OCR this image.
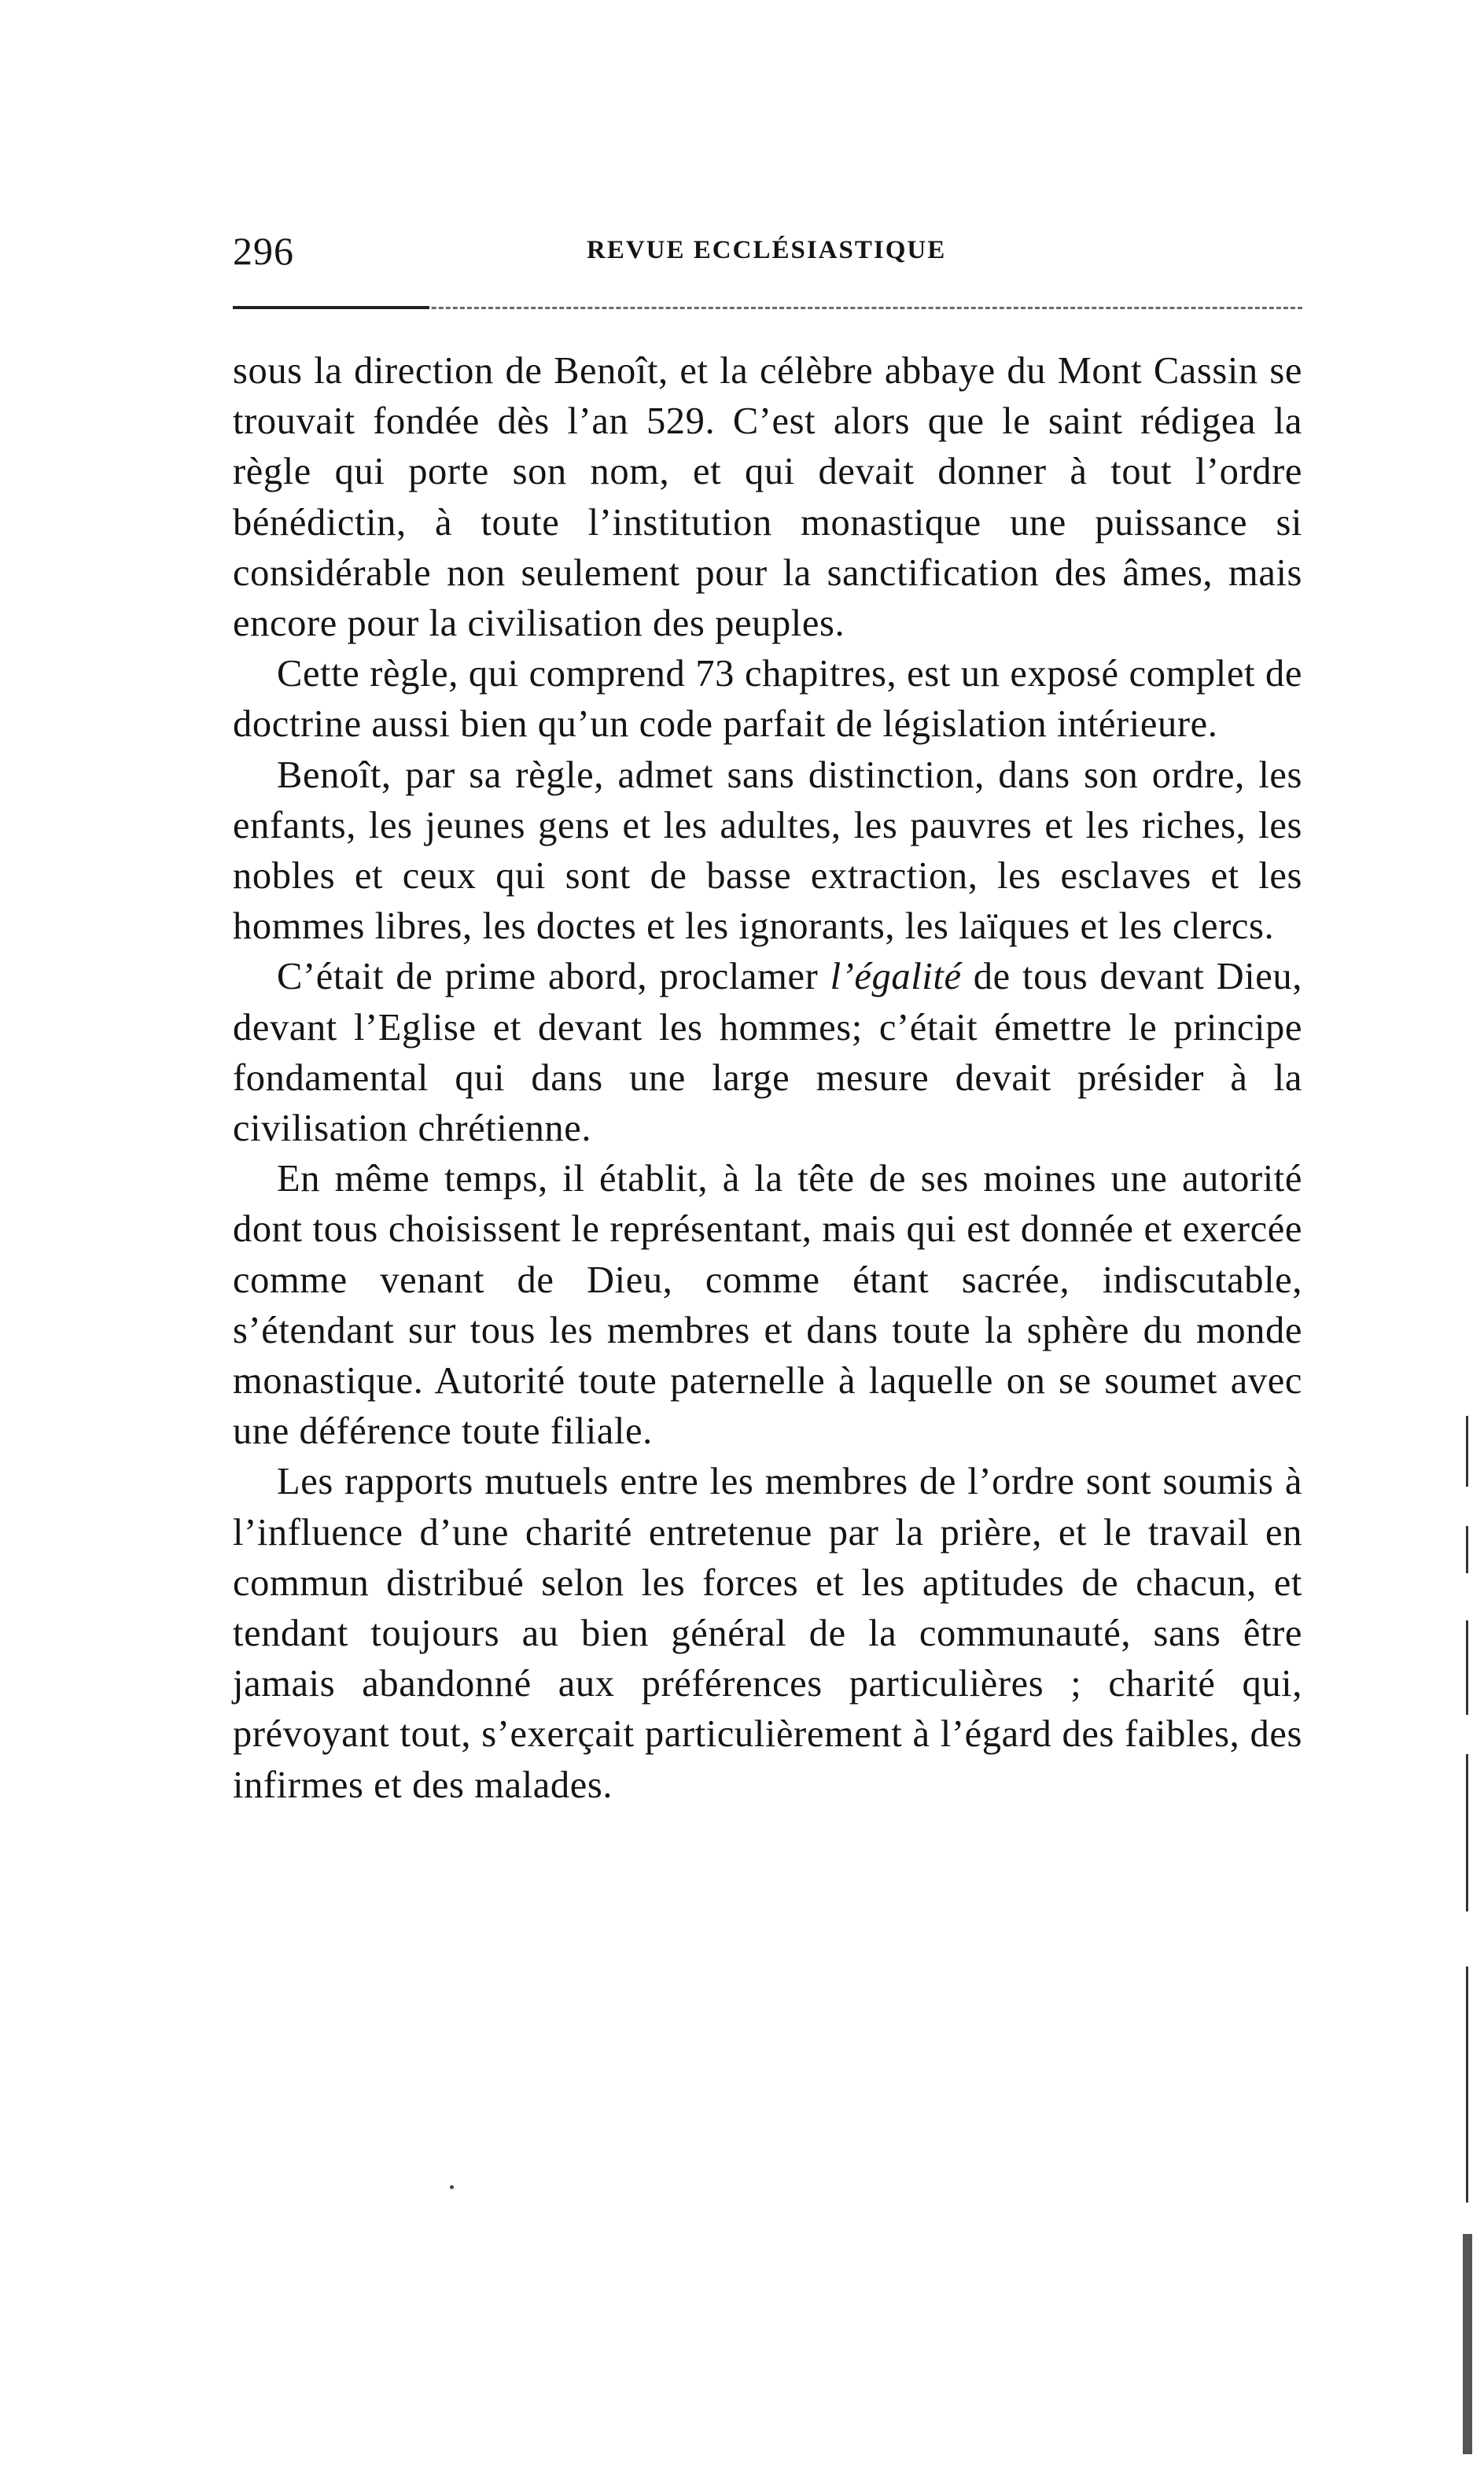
296	REVUE ECCLÉSIASTIQUE

sous la direction de Benoît, et la célèbre abbaye du Mont Cassin se trouvait fondée dès l’an 529. C’est alors que le saint rédigea la règle qui porte son nom, et qui devait donner à tout l’ordre bénédictin, à toute l’institution monastique une puissance si considérable non seulement pour la sanctification des âmes, mais encore pour la civilisation des peuples.

Cette règle, qui comprend 73 chapitres, est un exposé complet de doctrine aussi bien qu’un code parfait de législation intérieure.

Benoît, par sa règle, admet sans distinction, dans son ordre, les enfants, les jeunes gens et les adultes, les pauvres et les riches, les nobles et ceux qui sont de basse extraction, les esclaves et les hommes libres, les doctes et les ignorants, les laïques et les clercs.

C’était de prime abord, proclamer l’égalité de tous devant Dieu, devant l’Eglise et devant les hommes; c’était émettre le principe fondamental qui dans une large mesure devait présider à la civilisation chrétienne.

En même temps, il établit, à la tête de ses moines une autorité dont tous choisissent le représentant, mais qui est donnée et exercée comme venant de Dieu, comme étant sacrée, indiscutable, s’étendant sur tous les membres et dans toute la sphère du monde monastique. Autorité toute paternelle à laquelle on se soumet avec une déférence toute filiale.

Les rapports mutuels entre les membres de l’ordre sont soumis à l’influence d’une charité entretenue par la prière, et le travail en commun distribué selon les forces et les aptitudes de chacun, et tendant toujours au bien général de la communauté, sans être jamais abandonné aux préférences particulières ; charité qui, prévoyant tout, s’exerçait particulièrement à l’égard des faibles, des infirmes et des malades.
